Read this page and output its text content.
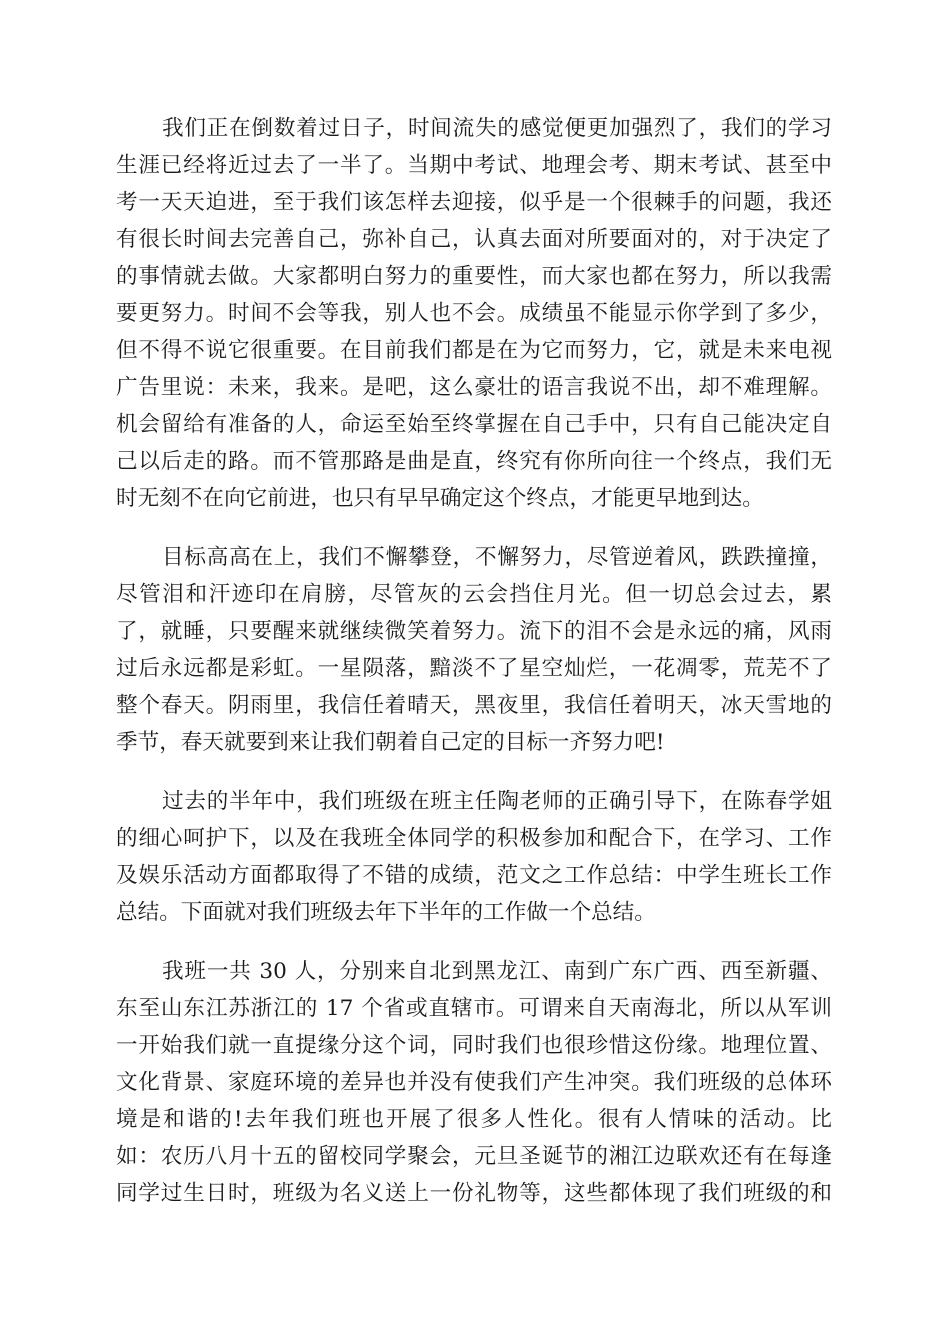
我们正在倒数着过日子，时间流失的感觉便更加强烈了，我们的学习
生涯已经将近过去了一半了。当期中考试、地理会考、期末考试、甚至中
考一天天迫进，至于我们该怎样去迎接，似乎是一个很棘手的问题，我还
有很长时间去完善自己，弥补自己，认真去面对所要面对的，对于决定了
的事情就去做。大家都明白努力的重要性，而大家也都在努力，所以我需
要更努力。时间不会等我，别人也不会。成绩虽不能显示你学到了多少，
但不得不说它很重要。在目前我们都是在为它而努力，它，就是未来电视
广告里说：未来，我来。是吧，这么豪壮的语言我说不出，却不难理解。
机会留给有准备的人，命运至始至终掌握在自己手中，只有自己能决定自
己以后走的路。而不管那路是曲是直，终究有你所向往一个终点，我们无
时无刻不在向它前进，也只有早早确定这个终点，才能更早地到达。
目标高高在上，我们不懈攀登，不懈努力，尽管逆着风，跌跌撞撞，
尽管泪和汗迹印在肩膀，尽管灰的云会挡住月光。但一切总会过去，累
了，就睡，只要醒来就继续微笑着努力。流下的泪不会是永远的痛，风雨
过后永远都是彩虹。一星陨落，黯淡不了星空灿烂，一花凋零，荒芜不了
整个春天。阴雨里，我信任着晴天，黑夜里，我信任着明天，冰天雪地的
季节，春天就要到来让我们朝着自己定的目标一齐努力吧!
过去的半年中，我们班级在班主任陶老师的正确引导下，在陈春学姐
的细心呵护下，以及在我班全体同学的积极参加和配合下，在学习、工作
及娱乐活动方面都取得了不错的成绩，范文之工作总结：中学生班长工作
总结。下面就对我们班级去年下半年的工作做一个总结。
我班一共 30 人，分别来自北到黑龙江、南到广东广西、西至新疆、
东至山东江苏浙江的 17 个省或直辖市。可谓来自天南海北，所以从军训
一开始我们就一直提缘分这个词，同时我们也很珍惜这份缘。地理位置、
文化背景、家庭环境的差异也并没有使我们产生冲突。我们班级的总体环
境是和谐的!去年我们班也开展了很多人性化。很有人情味的活动。比
如：农历八月十五的留校同学聚会，元旦圣诞节的湘江边联欢还有在每逢
同学过生日时，班级为名义送上一份礼物等，这些都体现了我们班级的和
